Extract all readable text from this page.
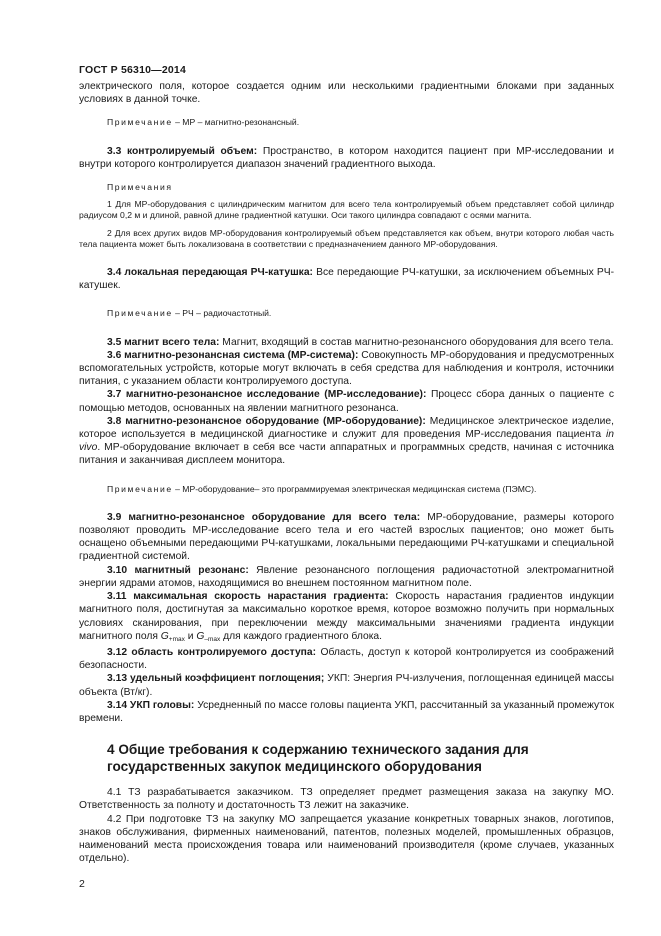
ГОСТ Р 56310—2014

электрического поля, которое создается одним или несколькими градиентными блоками при заданных условиях в данной точке.

Примечание – МР – магнитно-резонансный.

3.3 контролируемый объем: Пространство, в котором находится пациент при МР-исследовании и внутри которого контролируется диапазон значений градиентного выхода.

Примечания

1 Для МР-оборудования с цилиндрическим магнитом для всего тела контролируемый объем представляет собой цилиндр радиусом 0,2 м и длиной, равной длине градиентной катушки. Оси такого цилиндра совпадают с осями магнита.

2 Для всех других видов МР-оборудования контролируемый объем представляется как объем, внутри которого любая часть тела пациента может быть локализована в соответствии с предназначением данного МР-оборудования.

3.4 локальная передающая РЧ-катушка: Все передающие РЧ-катушки, за исключением объемных РЧ-катушек.

Примечание – РЧ – радиочастотный.

3.5 магнит всего тела: Магнит, входящий в состав магнитно-резонансного оборудования для всего тела.

3.6 магнитно-резонансная система (МР-система): Совокупность МР-оборудования и предусмотренных вспомогательных устройств, которые могут включать в себя средства для наблюдения и контроля, источники питания, с указанием области контролируемого доступа.

3.7 магнитно-резонансное исследование (МР-исследование): Процесс сбора данных о пациенте с помощью методов, основанных на явлении магнитного резонанса.

3.8 магнитно-резонансное оборудование (МР-оборудование): Медицинское электрическое изделие, которое используется в медицинской диагностике и служит для проведения МР-исследования пациента in vivo. МР-оборудование включает в себя все части аппаратных и программных средств, начиная с источника питания и заканчивая дисплеем монитора.

Примечание – МР-оборудование– это программируемая электрическая медицинская система (ПЭМС).

3.9 магнитно-резонансное оборудование для всего тела: МР-оборудование, размеры которого позволяют проводить МР-исследование всего тела и его частей взрослых пациентов; оно может быть оснащено объемными передающими РЧ-катушками, локальными передающими РЧ-катушками и специальной градиентной системой.

3.10 магнитный резонанс: Явление резонансного поглощения радиочастотной электромагнитной энергии ядрами атомов, находящимися во внешнем постоянном магнитном поле.

3.11 максимальная скорость нарастания градиента: Скорость нарастания градиентов индукции магнитного поля, достигнутая за максимально короткое время, которое возможно получить при нормальных условиях сканирования, при переключении между максимальными значениями градиента индукции магнитного поля $G_{+max}$ и $G_{-max}$ для каждого градиентного блока.

3.12 область контролируемого доступа: Область, доступ к которой контролируется из соображений безопасности.

3.13 удельный коэффициент поглощения; УКП: Энергия РЧ-излучения, поглощенная единицей массы объекта (Вт/кг).

3.14 УКП головы: Усредненный по массе головы пациента УКП, рассчитанный за указанный промежуток времени.

4 Общие требования к содержанию технического задания для государственных закупок медицинского оборудования

4.1 ТЗ разрабатывается заказчиком. ТЗ определяет предмет размещения заказа на закупку МО. Ответственность за полноту и достаточность ТЗ лежит на заказчике.

4.2 При подготовке ТЗ на закупку МО запрещается указание конкретных товарных знаков, логотипов, знаков обслуживания, фирменных наименований, патентов, полезных моделей, промышленных образцов, наименований места происхождения товара или наименований производителя (кроме случаев, указанных отдельно).

2
